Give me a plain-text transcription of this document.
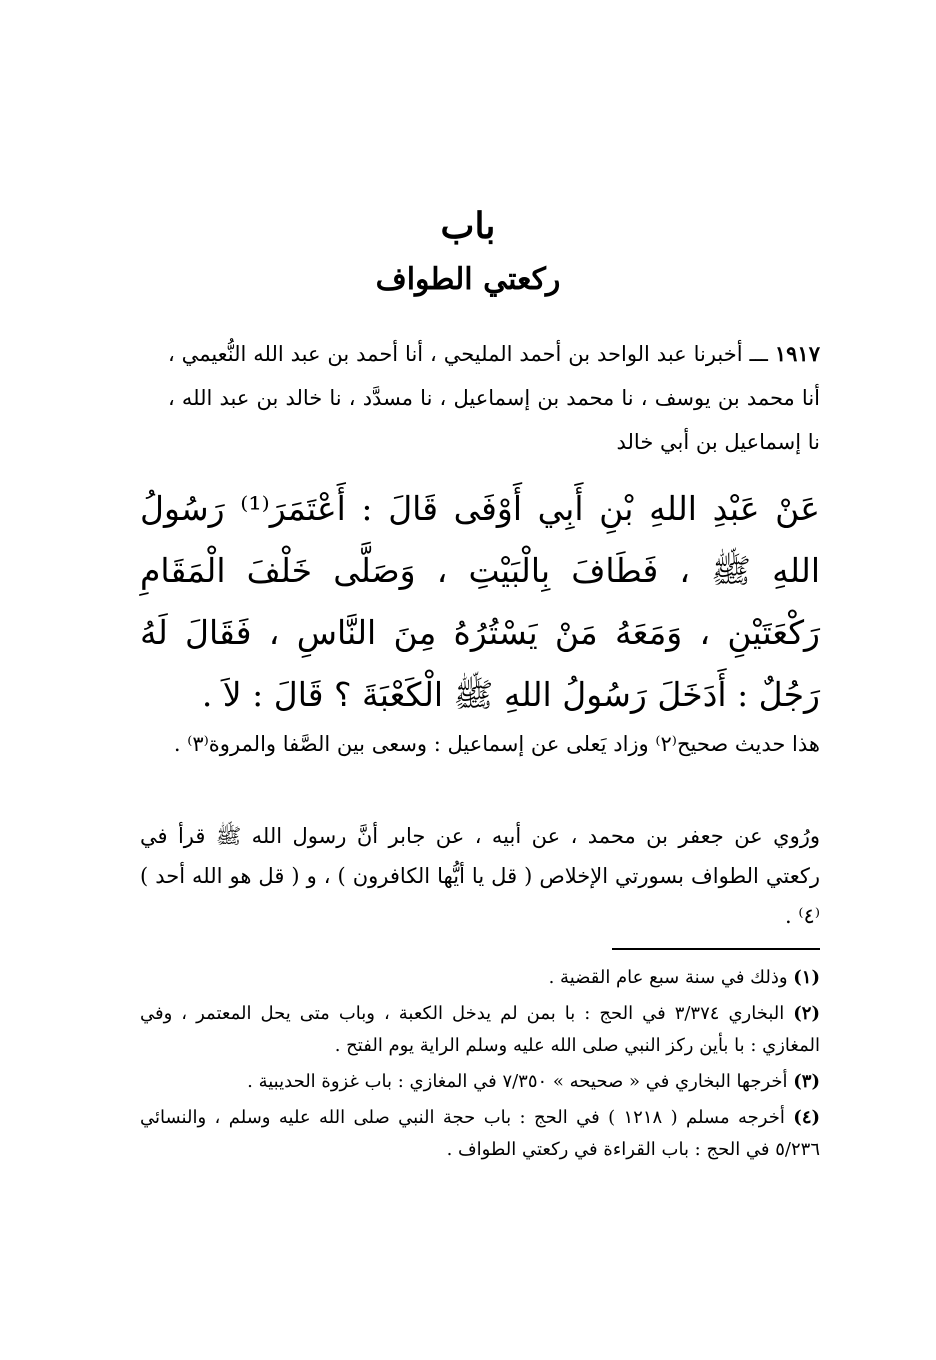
باب
ركعتي الطواف
١٩١٧ ـــ أخبرنا عبد الواحد بن أحمد المليحي ، أنا أحمد بن عبد الله النُّعيمي ، أنا محمد بن يوسف ، نا محمد بن إسماعيل ، نا مسدَّد ، نا خالد بن عبد الله ، نا إسماعيل بن أبي خالد
عَنْ عَبْدِ اللهِ بْنِ أَبِي أَوْفَى قَالَ : أَعْتَمَرَ⁽¹⁾ رَسُولُ اللهِ ﷺ ، فَطَافَ بِالْبَيْتِ ، وَصَلَّى خَلْفَ الْمَقَامِ رَكْعَتَيْنِ ، وَمَعَهُ مَنْ يَسْتُرُهُ مِنَ النَّاسِ ، فَقَالَ لَهُ رَجُلٌ : أَدَخَلَ رَسُولُ اللهِ ﷺ الْكَعْبَةَ ؟ قَالَ : لاَ .
هذا حديث صحيح⁽٢⁾ وزاد يَعلى عن إسماعيل : وسعى بين الصَّفا والمروة⁽٣⁾ .
ورُوي عن جعفر بن محمد ، عن أبيه ، عن جابر أنَّ رسول الله ﷺ قرأ في ركعتي الطواف بسورتي الإخلاص ( قل يا أيُّها الكافرون ) ، و ( قل هو الله أحد ) ⁽٤⁾ .

(١) وذلك في سنة سبع عام القضية .

(٢) البخاري ٣/٣٧٤ في الحج : با بمن لم يدخل الكعبة ، وباب متى يحل المعتمر ، وفي المغازي : با بأين ركز النبي صلى الله عليه وسلم الراية يوم الفتح .

(٣) أخرجها البخاري في « صحيحه » ٧/٣٥٠ في المغازي : باب غزوة الحديبية .

(٤) أخرجه مسلم ( ١٢١٨ ) في الحج : باب حجة النبي صلى الله عليه وسلم ، والنسائي ٥/٢٣٦ في الحج : باب القراءة في ركعتي الطواف .
